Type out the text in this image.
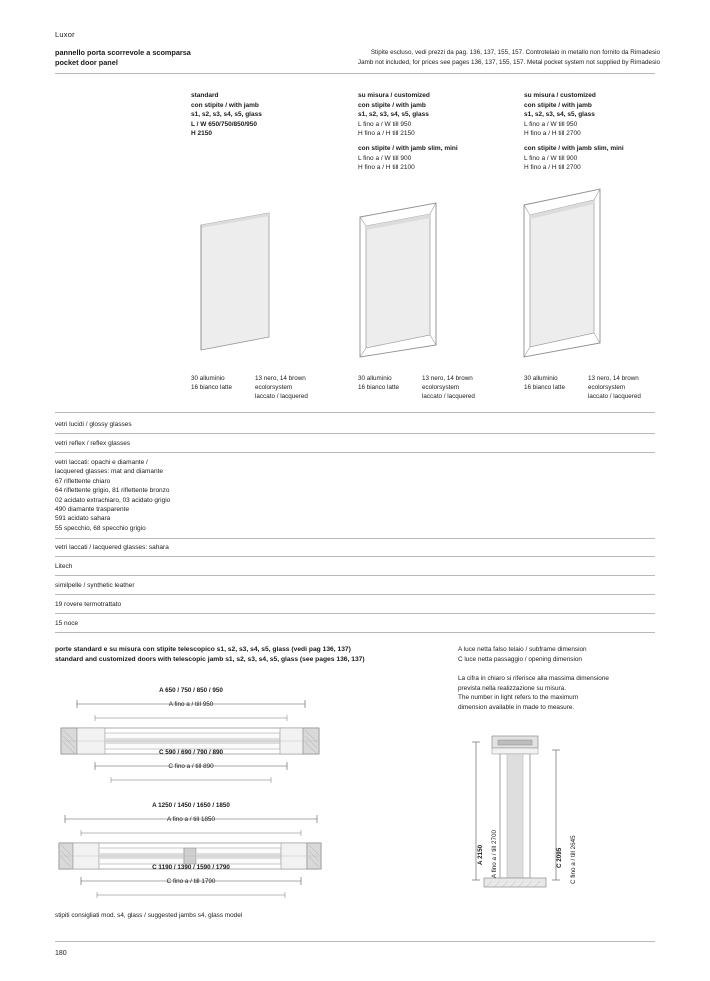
Luxor
pannello porta scorrevole a scomparsa
pocket door panel
Stipite escluso, vedi prezzi da pag. 136, 137, 155, 157. Controtelaio in metallo non fornito da Rimadesio
Jamb not included, for prices see pages 136, 137, 155, 157. Metal pocket system not supplied by Rimadesio
standard
con stipite / with jamb
s1, s2, s3, s4, s5, glass
L / W 650/750/850/950
H 2150
su misura / customized
con stipite / with jamb
s1, s2, s3, s4, s5, glass
L fino a / W till 950
H fino a / H till 2150
con stipite / with jamb slim, mini
L fino a / W till 900
H fino a / H till 2100
su misura / customized
con stipite / with jamb
s1, s2, s3, s4, s5, glass
L fino a / W till 950
H fino a / H till 2700
con stipite / with jamb slim, mini
L fino a / W till 900
H fino a / H till 2700
30 alluminio
16 bianco latte
13 nero, 14 brown
ecolorsystem
laccato / lacquered
30 alluminio
16 bianco latte
13 nero, 14 brown
ecolorsystem
laccato / lacquered
30 alluminio
16 bianco latte
13 nero, 14 brown
ecolorsystem
laccato / lacquered
vetri lucidi / glossy glasses
vetri reflex / reflex glasses
vetri laccati: opachi e diamante /
lacquered glasses: mat and diamante
67 riflettente chiaro
64 riflettente grigio, 81 riflettente bronzo
02 acidato extrachiaro, 03 acidato grigio
490 diamante trasparente
591 acidato sahara
55 specchio, 68 specchio grigio
vetri laccati / lacquered glasses: sahara
Litech
similpelle / synthetic leather
19 rovere termotrattato
15 noce
porte standard e su misura con stipite telescopico s1, s2, s3, s4, s5, glass (vedi pag 136, 137)
standard and customized doors with telescopic jamb s1, s2, s3, s4, s5, glass (see pages 136, 137)
A luce netta falso telaio / subframe dimension
C luce netta passaggio / opening dimension
La cifra in chiaro si riferisce alla massima dimensione
prevista nella realizzazione su misura.
The number in light refers to the maximum
dimension available in made to measure.
A 650 / 750 / 850 / 950
A fino a / till 950
C 590 / 690 / 790 / 890
C fino a / till 890
A 1250 / 1450 / 1650 / 1850
A fino a / till 1850
C 1190 / 1390 / 1590 / 1790
C fino a / till 1790
A 2150 A fino a / till 2700	C 2095 C fino a / till 2645
stipiti consigliati mod. s4, glass / suggested jambs s4, glass model
180
